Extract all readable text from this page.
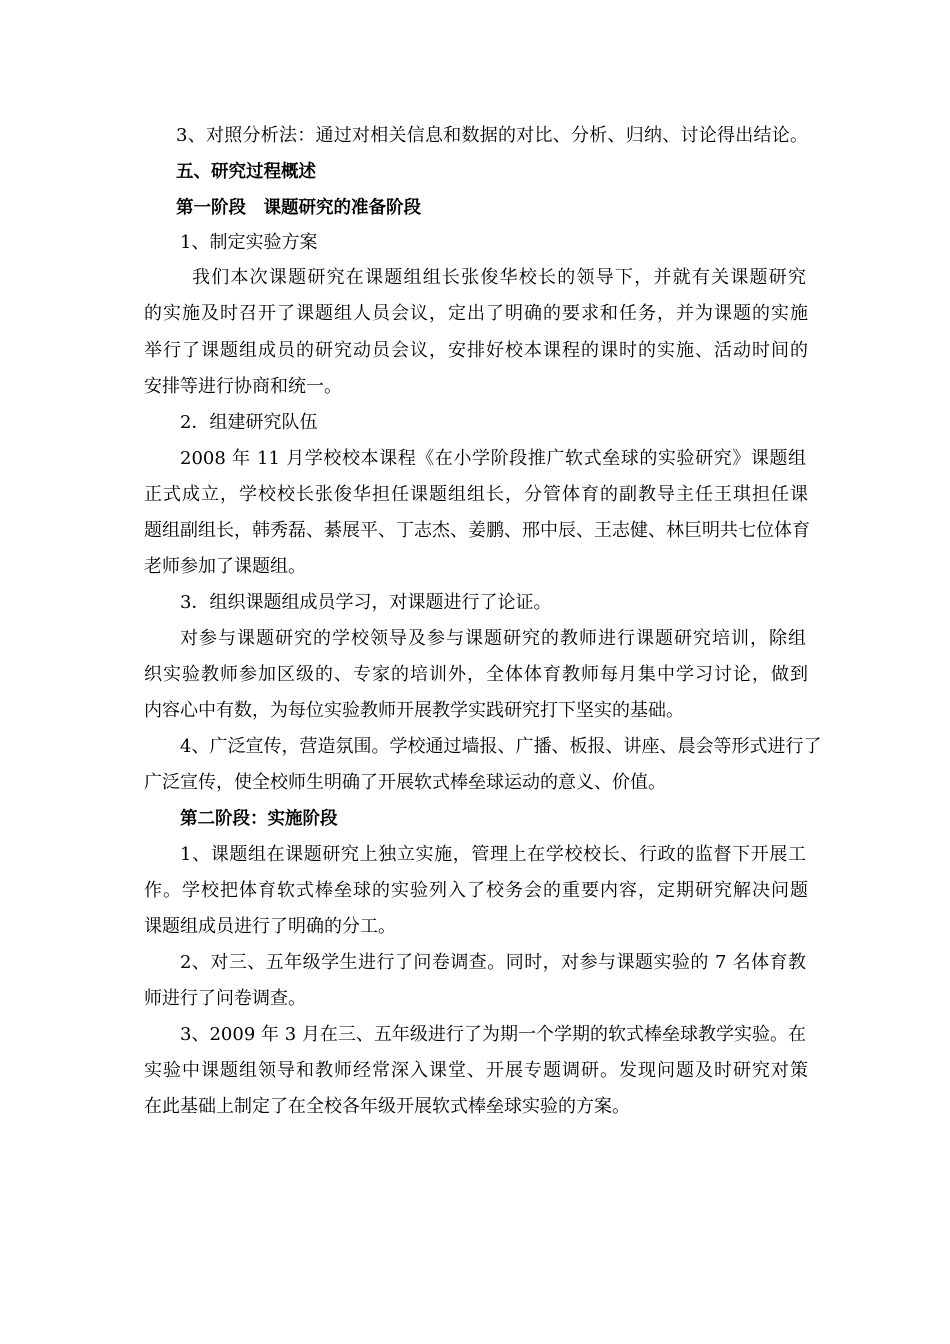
3、对照分析法：通过对相关信息和数据的对比、分析、归纳、讨论得出结论。
五、研究过程概述
第一阶段　课题研究的准备阶段
1、制定实验方案
我们本次课题研究在课题组组长张俊华校长的领导下，并就有关课题研究
的实施及时召开了课题组人员会议，定出了明确的要求和任务，并为课题的实施
举行了课题组成员的研究动员会议，安排好校本课程的课时的实施、活动时间的
安排等进行协商和统一。
2．组建研究队伍
2008 年 11 月学校校本课程《在小学阶段推广软式垒球的实验研究》课题组
正式成立，学校校长张俊华担任课题组组长，分管体育的副教导主任王琪担任课
题组副组长，韩秀磊、綦展平、丁志杰、姜鹏、邢中辰、王志健、林巨明共七位体育
老师参加了课题组。
3．组织课题组成员学习，对课题进行了论证。
对参与课题研究的学校领导及参与课题研究的教师进行课题研究培训，除组
织实验教师参加区级的、专家的培训外，全体体育教师每月集中学习讨论，做到
内容心中有数，为每位实验教师开展教学实践研究打下坚实的基础。
4、广泛宣传，营造氛围。学校通过墙报、广播、板报、讲座、晨会等形式进行了
广泛宣传，使全校师生明确了开展软式棒垒球运动的意义、价值。
第二阶段：实施阶段
1、课题组在课题研究上独立实施，管理上在学校校长、行政的监督下开展工
作。学校把体育软式棒垒球的实验列入了校务会的重要内容，定期研究解决问题
课题组成员进行了明确的分工。
2、对三、五年级学生进行了问卷调查。同时，对参与课题实验的 7 名体育教
师进行了问卷调查。
3、2009 年 3 月在三、五年级进行了为期一个学期的软式棒垒球教学实验。在
实验中课题组领导和教师经常深入课堂、开展专题调研。发现问题及时研究对策
在此基础上制定了在全校各年级开展软式棒垒球实验的方案。
